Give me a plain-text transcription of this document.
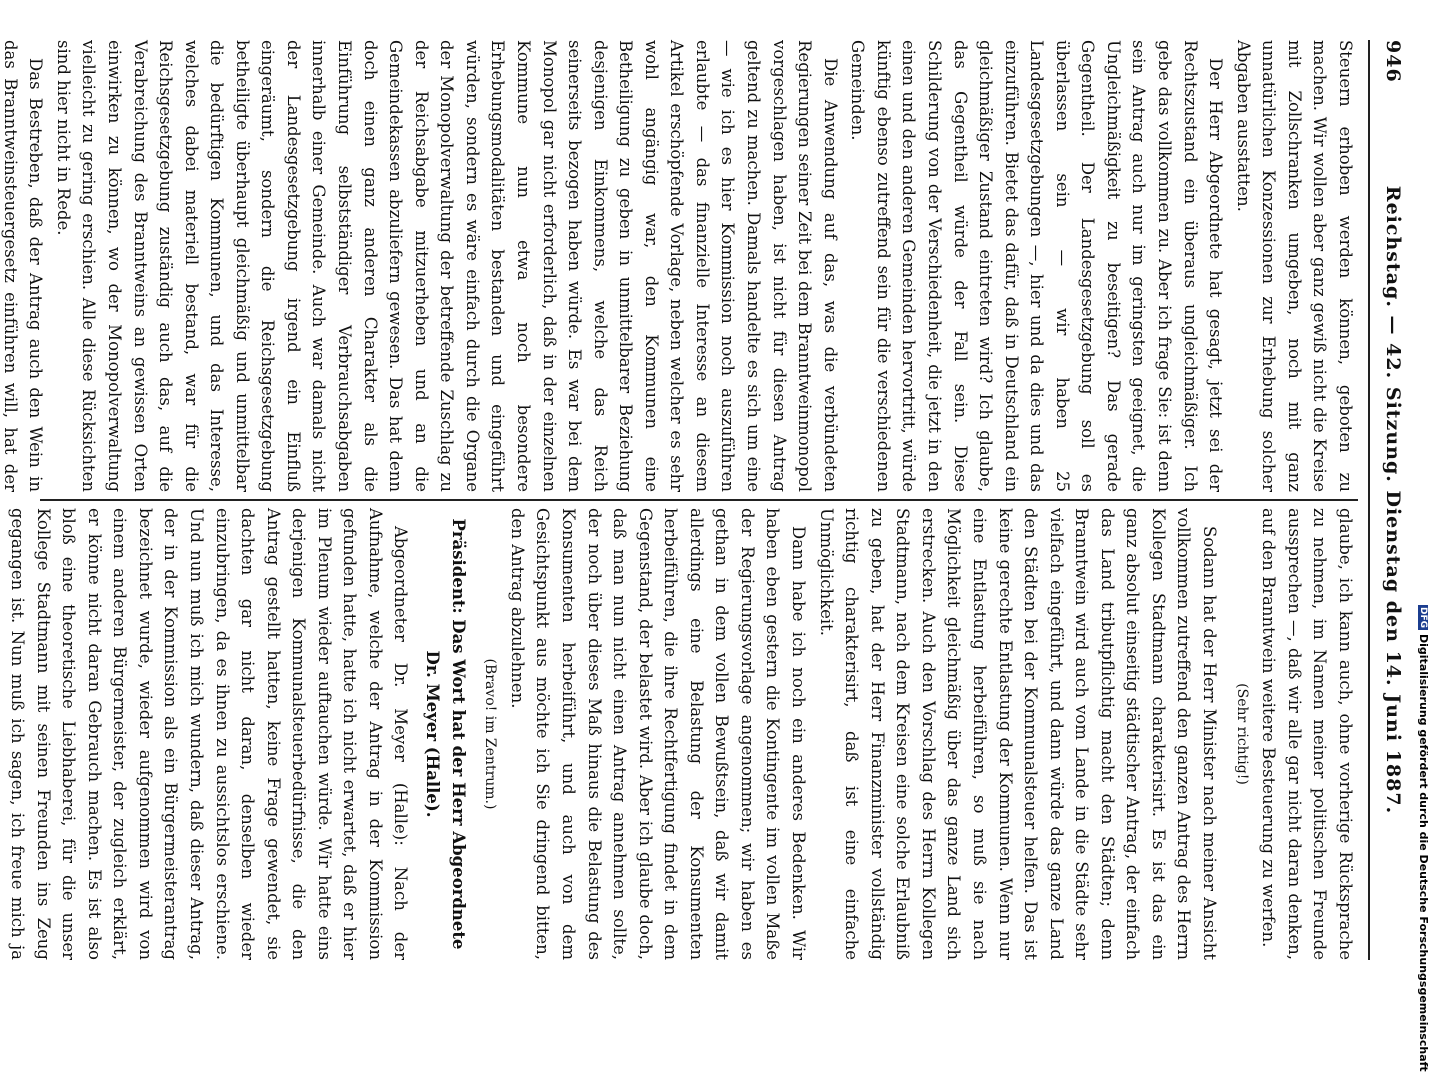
946
Reichstag. — 42. Sitzung. Dienstag den 14. Juni 1887.

Steuern erhoben werden können, geboten zu machen. Wir wollen aber ganz gewiß nicht die Kreise mit Zollschranken umgeben, noch mit ganz unnatürlichen Konzessionen zur Erhebung solcher Abgaben ausstatten.

Der Herr Abgeordnete hat gesagt, jetzt sei der Rechtszustand ein überaus ungleichmäßiger. Ich gebe das vollkommen zu. Aber ich frage Sie: ist denn sein Antrag auch nur im geringsten geeignet, die Ungleichmäßigkeit zu beseitigen? Das gerade Gegentheil. Der Landesgesetzgebung soll es überlassen sein — wir haben 25 Landesgesetzgebungen —, hier und da dies und das einzuführen. Bietet das dafür, daß in Deutschland ein gleichmäßiger Zustand eintreten wird? Ich glaube, das Gegentheil würde der Fall sein. Diese Schilderung von der Verschiedenheit, die jetzt in den einen und den anderen Gemeinden hervortritt, würde künftig ebenso zutreffend sein für die verschiedenen Gemeinden.

Die Anwendung auf das, was die verbündeten Regierungen seiner Zeit bei dem Branntweinmonopol vorgeschlagen haben, ist nicht für diesen Antrag geltend zu machen. Damals handelte es sich um eine — wie ich es hier Kommission noch auszuführen erlaubte — das finanzielle Interesse an diesem Artikel erschöpfende Vorlage, neben welcher es sehr wohl angängig war, den Kommunen eine Betheiligung zu geben in unmittelbarer Beziehung desjenigen Einkommens, welche das Reich seinerseits bezogen haben würde. Es war bei dem Monopol gar nicht erforderlich, daß in der einzelnen Kommune nun etwa noch besondere Erhebungsmodalitäten bestanden und eingeführt würden, sondern es wäre einfach durch die Organe der Monopolverwaltung der betreffende Zuschlag zu der Reichsabgabe mitzuerheben und an die Gemeindekassen abzuliefern gewesen. Das hat denn doch einen ganz anderen Charakter als die Einführung selbstständiger Verbrauchsabgaben innerhalb einer Gemeinde. Auch war damals nicht der Landesgesetzgebung irgend ein Einfluß eingeräumt, sondern die Reichsgesetzgebung betheiligte überhaupt gleichmäßig und unmittelbar die bedürftigen Kommunen, und das Interesse, welches dabei materiell bestand, war für die Reichsgesetzgebung zuständig auch das, auf die Verabreichung des Branntweins an gewissen Orten einwirken zu können, wo der Monopolverwaltung vielleicht zu gering erschien. Alle diese Rücksichten sind hier nicht in Rede.

Das Bestreben, daß der Antrag auch den Wein in das Branntweinsteuergesetz einführen will, hat der

glaube, ich kann auch, ohne vorherige Rücksprache zu nehmen, im Namen meiner politischen Freunde aussprechen —, daß wir alle gar nicht daran denken, auf den Branntwein weitere Besteuerung zu werfen.

(Sehr richtig!)

Sodann hat der Herr Minister nach meiner Ansicht vollkommen zutreffend den ganzen Antrag des Herrn Kollegen Stadtmann charakterisirt. Es ist das ein ganz absolut einseitig städtischer Antrag, der einfach das Land tributpflichtig macht den Städten; denn Branntwein wird auch vom Lande in die Städte sehr vielfach eingeführt, und dann würde das ganze Land den Städten bei der Kommunalsteuer helfen. Das ist keine gerechte Entlastung der Kommunen. Wenn nur eine Entlastung herbeiführen, so muß sie nach Möglichkeit gleichmäßig über das ganze Land sich erstrecken. Auch den Vorschlag des Herrn Kollegen Stadtmann, nach dem Kreisen eine solche Erlaubniß zu geben, hat der Herr Finanzminister vollständig richtig charakterisirt, daß ist eine einfache Unmöglichkeit.

Dann habe ich noch ein anderes Bedenken. Wir haben eben gestern die Kontingente im vollen Maße der Regierungsvorlage angenommen; wir haben es gethan in dem vollen Bewußtsein, daß wir damit allerdings eine Belastung der Konsumenten herbeiführen, die ihre Rechtfertigung findet in dem Gegenstand, der belastet wird. Aber ich glaube doch, daß man nun nicht einen Antrag annehmen sollte, der noch über dieses Maß hinaus die Belastung des Konsumenten herbeiführt, und auch von dem Gesichtspunkt aus möchte ich Sie dringend bitten, den Antrag abzulehnen.

(Bravo! im Zentrum.)

Präsident: Das Wort hat der Herr Abgeordnete Dr. Meyer (Halle).

Abgeordneter Dr. Meyer (Halle): Nach der Aufnahme, welche der Antrag in der Kommission gefunden hatte, hatte ich nicht erwartet, daß er hier im Plenum wieder auftauchen würde. Wir hatte eins derjenigen Kommunalsteuerbedürfnisse, die den Antrag gestellt hatten, keine Frage gewendet, sie dachten gar nicht daran, denselben wieder einzubringen, da es ihnen zu aussichtslos erschiene. Und nun muß ich mich wundern, daß dieser Antrag, der in der Kommission als ein Bürgermeisterantrag bezeichnet wurde, wieder aufgenommen wird von einem anderen Bürgermeister, der zugleich erklärt, er könne nicht daran Gebrauch machen. Es ist also bloß eine theoretische Liebhaberei, für die unser Kollege Stadtmann mit seinen Freunden ins Zeug gegangen ist. Nun muß ich sagen, ich freue mich ja

DFGDigitalisierung gefördert durch die Deutsche Forschungsgemeinschaft
